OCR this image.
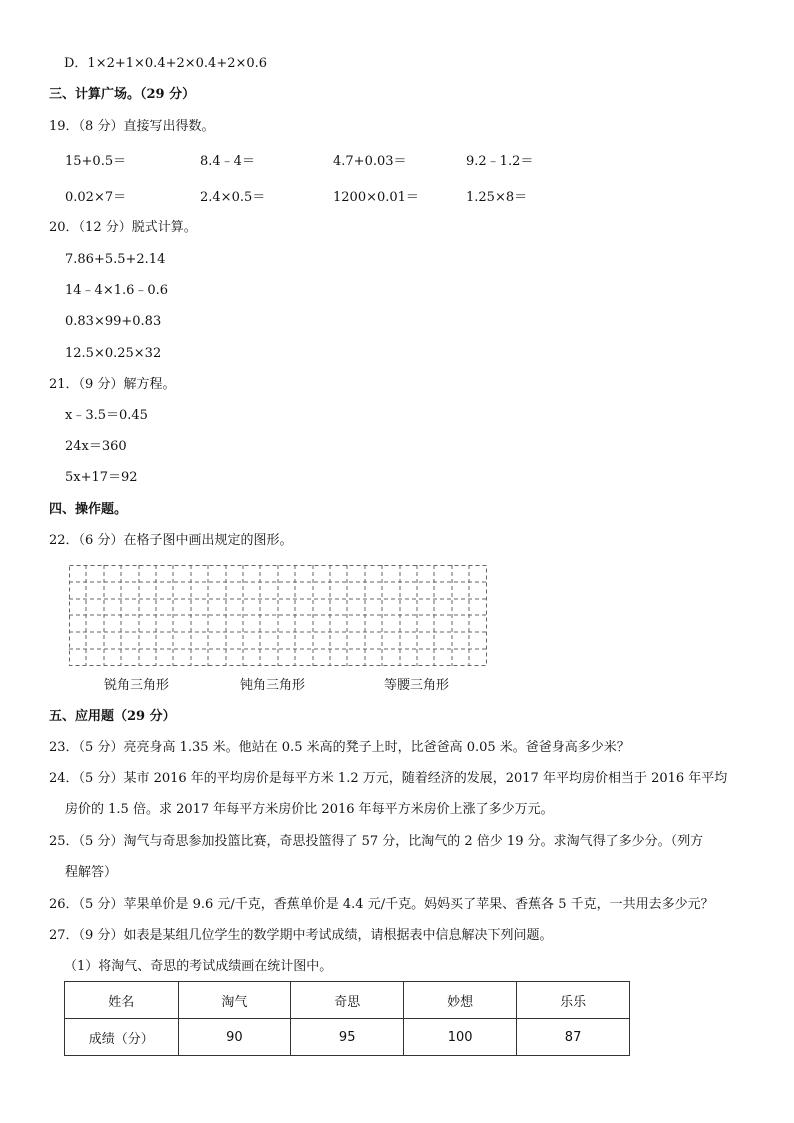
D．1×2+1×0.4+2×0.4+2×0.6
三、计算广场。（29 分）
19．（8 分）直接写出得数。
15+0.5＝	8.4﹣4＝	4.7+0.03＝	9.2﹣1.2＝
0.02×7＝	2.4×0.5＝	1200×0.01＝	1.25×8＝
20．（12 分）脱式计算。
7.86+5.5+2.14
14﹣4×1.6﹣0.6
0.83×99+0.83
12.5×0.25×32
21．（9 分）解方程。
x﹣3.5＝0.45
24x＝360
5x+17＝92
四、操作题。
22．（6 分）在格子图中画出规定的图形。
锐角三角形	钝角三角形	等腰三角形
五、应用题（29 分）
23．（5 分）亮亮身高 1.35 米。他站在 0.5 米高的凳子上时，比爸爸高 0.05 米。爸爸身高多少米？
24．（5 分）某市 2016 年的平均房价是每平方米 1.2 万元，随着经济的发展，2017 年平均房价相当于 2016 年平均
房价的 1.5 倍。求 2017 年每平方米房价比 2016 年每平方米房价上涨了多少万元。
25．（5 分）淘气与奇思参加投篮比赛，奇思投篮得了 57 分，比淘气的 2 倍少 19 分。求淘气得了多少分。（列方
程解答）
26．（5 分）苹果单价是 9.6 元/千克，香蕉单价是 4.4 元/千克。妈妈买了苹果、香蕉各 5 千克，一共用去多少元？
27．（9 分）如表是某组几位学生的数学期中考试成绩，请根据表中信息解决下列问题。
（1）将淘气、奇思的考试成绩画在统计图中。
姓名	淘气	奇思	妙想	乐乐
成绩（分）	90	95	100	87
